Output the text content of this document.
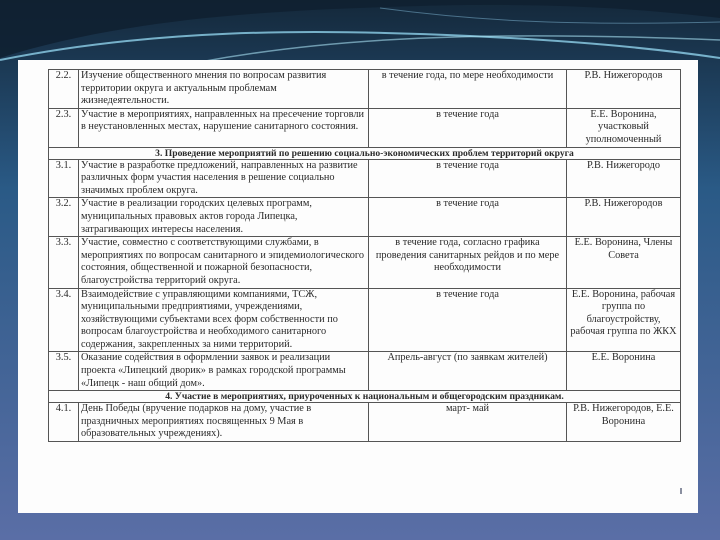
2.2.	Изучение общественного мнения по вопросам развития территории округа и актуальным проблемам жизнедеятельности.	в течение года, по мере необходимости	Р.В. Нижегородов
2.3.	Участие в мероприятиях, направленных на пресечение торговли в неустановленных местах, нарушение санитарного состояния.	в течение года	Е.Е. Воронина, участковый уполномоченный
3. Проведение мероприятий по решению социально-экономических проблем территорий округа			
3.1.	Участие в разработке предложений, направленных на развитие различных форм участия населения в решение социально значимых проблем округа.	в течение года	Р.В. Нижегородо
3.2.	Участие в реализации городских целевых программ, муниципальных правовых актов города Липецка, затрагивающих интересы населения.	в течение года	Р.В. Нижегородов
3.3.	Участие, совместно с соответствующими службами, в мероприятиях по вопросам санитарного и эпидемиологического состояния, общественной и пожарной безопасности, благоустройства территорий округа.	в течение года, согласно графика проведения санитарных рейдов и по мере необходимости	Е.Е. Воронина, Члены Совета
3.4.	Взаимодействие с управляющими компаниями, ТСЖ, муниципальными предприятиями, учреждениями, хозяйствующими субъектами всех форм собственности по вопросам благоустройства и необходимого санитарного содержания, закрепленных за ними территорий.	в течение года	Е.Е. Воронина, рабочая группа по благоустройству, рабочая группа по ЖКХ
3.5.	Оказание содействия в оформлении заявок и реализации проекта «Липецкий дворик» в рамках городской программы «Липецк - наш общий дом».	Апрель-август (по заявкам жителей)	Е.Е. Воронина
4. Участие в мероприятиях, приуроченных к национальным и общегородским праздникам.			
4.1.	День Победы (вручение подарков на дому, участие в праздничных мероприятиях посвященных 9 Мая в образовательных учреждениях).	март- май	Р.В. Нижегородов, Е.Е. Воронина
